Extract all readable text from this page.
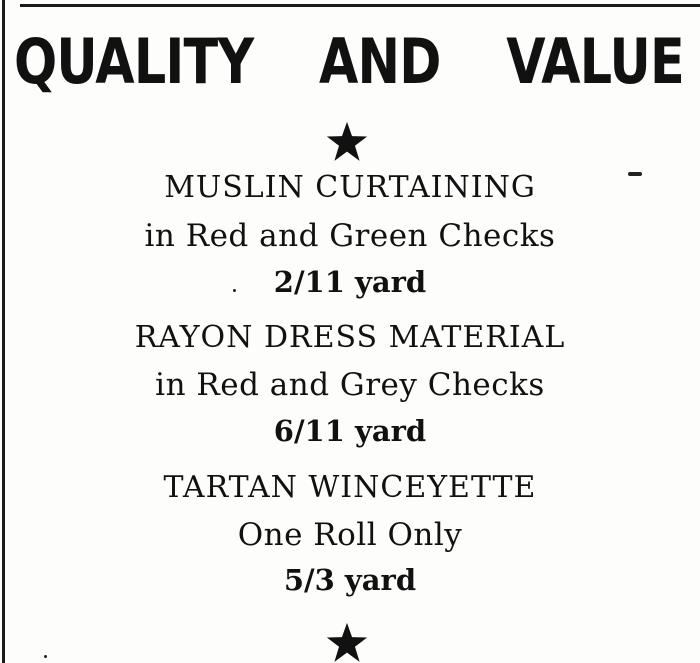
QUALITY AND VALUE
MUSLIN CURTAINING
in Red and Green Checks
2/11 yard
RAYON DRESS MATERIAL
in Red and Grey Checks
6/11 yard
TARTAN WINCEYETTE
One Roll Only
5/3 yard
